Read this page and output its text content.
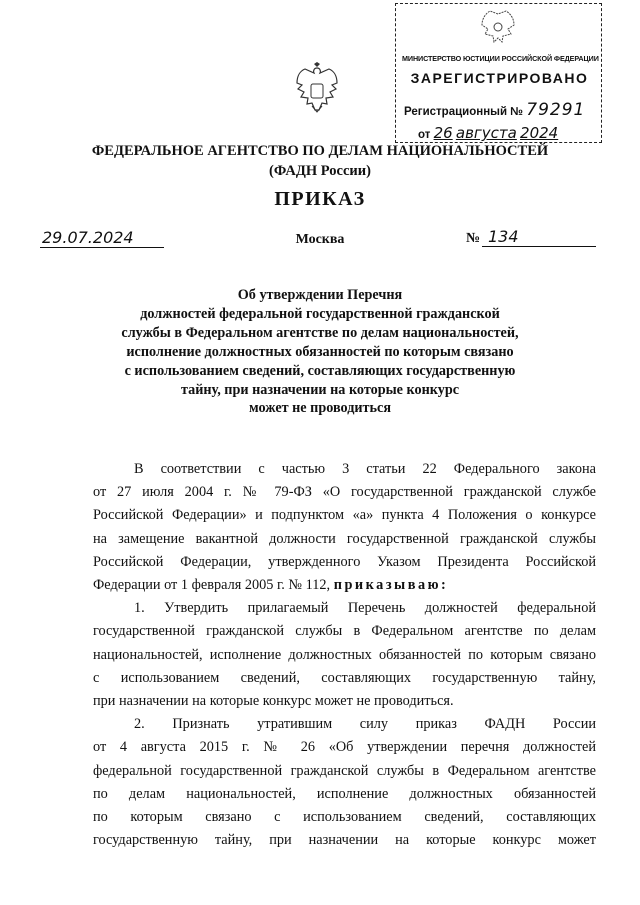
МИНИСТЕРСТВО ЮСТИЦИИ РОССИЙСКОЙ ФЕДЕРАЦИИ
ЗАРЕГИСТРИРОВАНО
Регистрационный № 79291
от 26 августа 2024
ФЕДЕРАЛЬНОЕ АГЕНТСТВО ПО ДЕЛАМ НАЦИОНАЛЬНОСТЕЙ
(ФАДН России)
ПРИКАЗ
29.07.2024	Москва	№ 134
Об утверждении Перечня
должностей федеральной государственной гражданской
службы в Федеральном агентстве по делам национальностей,
исполнение должностных обязанностей по которым связано
с использованием сведений, составляющих государственную
тайну, при назначении на которые конкурс
может не проводиться
В соответствии с частью 3 статьи 22 Федерального закона
от 27 июля 2004 г. № 79-ФЗ «О государственной гражданской службе
Российской Федерации» и подпунктом «а» пункта 4 Положения о конкурсе
на замещение вакантной должности государственной гражданской службы
Российской Федерации, утвержденного Указом Президента Российской
Федерации от 1 февраля 2005 г. № 112, приказываю:
1. Утвердить прилагаемый Перечень должностей федеральной
государственной гражданской службы в Федеральном агентстве по делам
национальностей, исполнение должностных обязанностей по которым связано
с использованием сведений, составляющих государственную тайну,
при назначении на которые конкурс может не проводиться.
2. Признать утратившим силу приказ ФАДН России
от 4 августа 2015 г. № 26 «Об утверждении перечня должностей
федеральной государственной гражданской службы в Федеральном агентстве
по делам национальностей, исполнение должностных обязанностей
по которым связано с использованием сведений, составляющих
государственную тайну, при назначении на которые конкурс может
